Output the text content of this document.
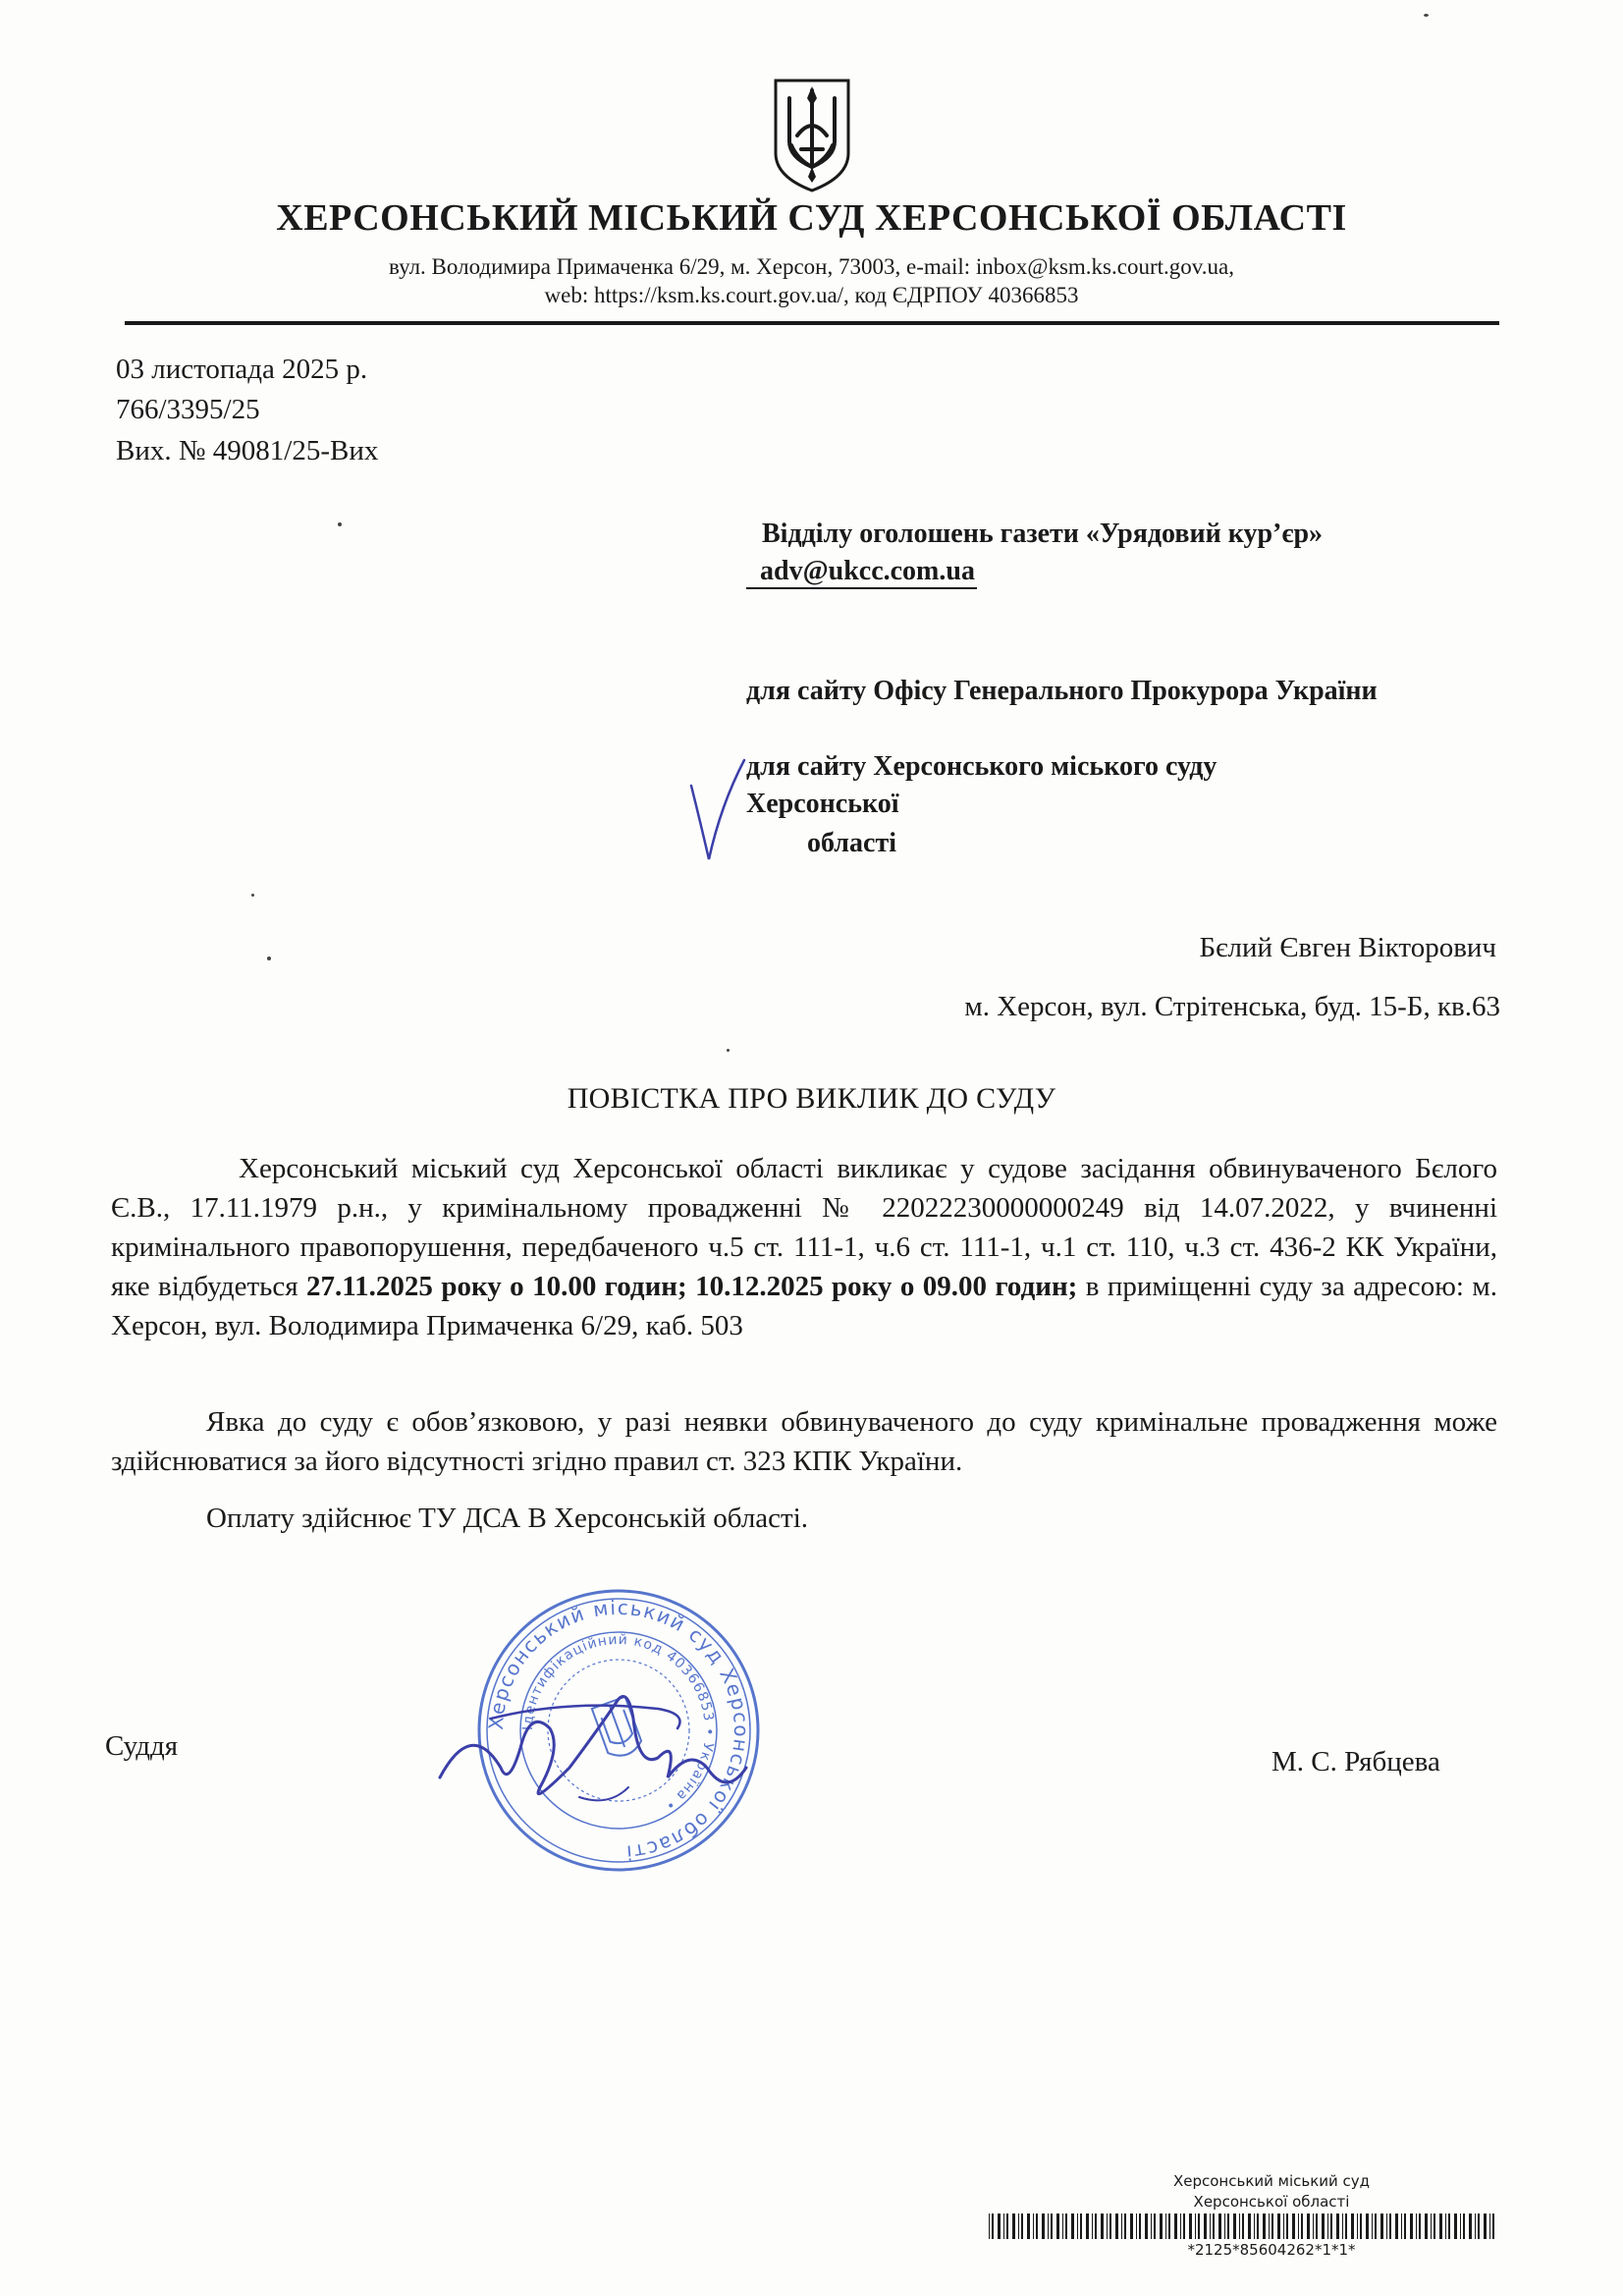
ХЕРСОНСЬКИЙ МІСЬКИЙ СУД ХЕРСОНСЬКОЇ ОБЛАСТІ
вул. Володимира Примаченка 6/29, м. Херсон, 73003, e-mail: inbox@ksm.ks.court.gov.ua,
web: https://ksm.ks.court.gov.ua/, код ЄДРПОУ 40366853
03 листопада 2025 р.
766/3395/25
Вих. № 49081/25-Вих
Відділу оголошень газети «Урядовий кур’єр»
adv@ukcc.com.ua
для сайту Офісу Генерального Прокурора України
для сайту Херсонського міського суду
Херсонської
області
Бєлий Євген Вікторович
м. Херсон, вул. Стрітенська, буд. 15-Б, кв.63
ПОВІСТКА ПРО ВИКЛИК ДО СУДУ
Херсонський міський суд Херсонської області викликає у судове засідання обвинуваченого Бєлого Є.В., 17.11.1979 р.н., у кримінальному провадженні № 22022230000000249 від 14.07.2022, у вчиненні кримінального правопорушення, передбаченого ч.5 ст. 111-1, ч.6 ст. 111-1, ч.1 ст. 110, ч.3 ст. 436-2 КК України, яке відбудеться 27.11.2025 року о 10.00 годин; 10.12.2025 року о 09.00 годин; в приміщенні суду за адресою: м. Херсон, вул. Володимира Примаченка 6/29, каб. 503
Явка до суду є обов’язковою, у разі неявки обвинуваченого до суду кримінальне провадження може здійснюватися за його відсутності згідно правил ст. 323 КПК України.
Оплату здійснює ТУ ДСА В Херсонській області.
Суддя	М. С. Рябцева
Херсонський міський суд Херсонської області
Ідентифікаційний код 40366853 • Україна •
Херсонський міський суд
Херсонської області
*2125*85604262*1*1*
